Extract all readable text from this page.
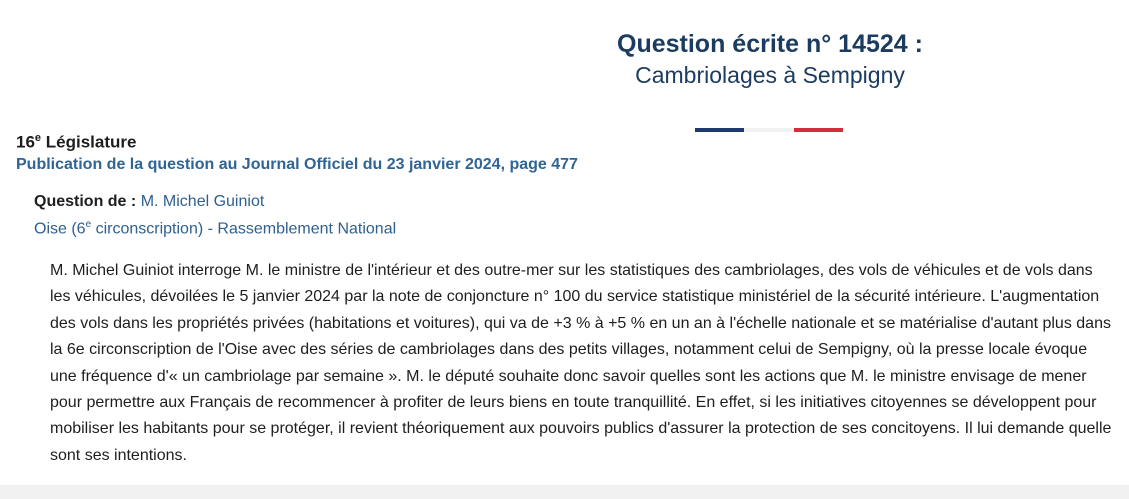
Question écrite n° 14524 :
Cambriolages à Sempigny
16e Législature
Publication de la question au Journal Officiel du 23 janvier 2024, page 477
Question de : M. Michel Guiniot
Oise (6e circonscription) - Rassemblement National

M. Michel Guiniot interroge M. le ministre de l'intérieur et des outre-mer sur les statistiques des cambriolages, des vols de véhicules et de vols dans les véhicules, dévoilées le 5 janvier 2024 par la note de conjoncture n° 100 du service statistique ministériel de la sécurité intérieure. L'augmentation des vols dans les propriétés privées (habitations et voitures), qui va de +3 % à +5 % en un an à l'échelle nationale et se matérialise d'autant plus dans la 6e circonscription de l'Oise avec des séries de cambriolages dans des petits villages, notamment celui de Sempigny, où la presse locale évoque une fréquence d'« un cambriolage par semaine ». M. le député souhaite donc savoir quelles sont les actions que M. le ministre envisage de mener pour permettre aux Français de recommencer à profiter de leurs biens en toute tranquillité. En effet, si les initiatives citoyennes se développent pour mobiliser les habitants pour se protéger, il revient théoriquement aux pouvoirs publics d'assurer la protection de ses concitoyens. Il lui demande quelle sont ses intentions.
